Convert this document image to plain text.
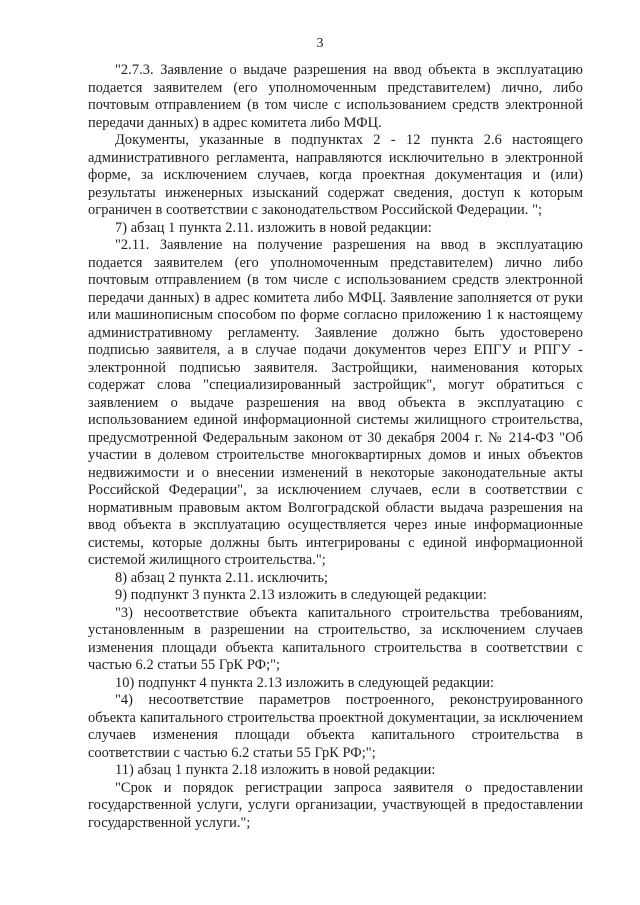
3

"2.7.3. Заявление о выдаче разрешения на ввод объекта в эксплуатацию подается заявителем (его уполномоченным представителем) лично, либо почтовым отправлением (в том числе с использованием средств электронной передачи данных) в адрес комитета либо МФЦ.

Документы, указанные в подпунктах 2 - 12 пункта 2.6 настоящего административного регламента, направляются исключительно в электронной форме, за исключением случаев, когда проектная документация и (или) результаты инженерных изысканий содержат сведения, доступ к которым ограничен в соответствии с законодательством Российской Федерации. ";

7) абзац 1 пункта 2.11. изложить в новой редакции:

"2.11. Заявление на получение разрешения на ввод в эксплуатацию подается заявителем (его уполномоченным представителем) лично либо почтовым отправлением (в том числе с использованием средств электронной передачи данных) в адрес комитета либо МФЦ. Заявление заполняется от руки или машинописным способом по форме согласно приложению 1 к настоящему административному регламенту. Заявление должно быть удостоверено подписью заявителя, а в случае подачи документов через ЕПГУ и РПГУ - электронной подписью заявителя. Застройщики, наименования которых содержат слова "специализированный застройщик", могут обратиться с заявлением о выдаче разрешения на ввод объекта в эксплуатацию с использованием единой информационной системы жилищного строительства, предусмотренной Федеральным законом от 30 декабря 2004 г. № 214-ФЗ "Об участии в долевом строительстве многоквартирных домов и иных объектов недвижимости и о внесении изменений в некоторые законодательные акты Российской Федерации", за исключением случаев, если в соответствии с нормативным правовым актом Волгоградской области выдача разрешения на ввод объекта в эксплуатацию осуществляется через иные информационные системы, которые должны быть интегрированы с единой информационной системой жилищного строительства.";

8) абзац 2 пункта 2.11. исключить;

9) подпункт 3 пункта 2.13 изложить в следующей редакции:

"3) несоответствие объекта капитального строительства требованиям, установленным в разрешении на строительство, за исключением случаев изменения площади объекта капитального строительства в соответствии с частью 6.2 статьи 55 ГрК РФ;";

10) подпункт 4 пункта 2.13 изложить в следующей редакции:

"4) несоответствие параметров построенного, реконструированного объекта капитального строительства проектной документации, за исключением случаев изменения площади объекта капитального строительства в соответствии с частью 6.2 статьи 55 ГрК РФ;";

11) абзац 1 пункта 2.18 изложить в новой редакции:

"Срок и порядок регистрации запроса заявителя о предоставлении государственной услуги, услуги организации, участвующей в предоставлении государственной услуги.";
